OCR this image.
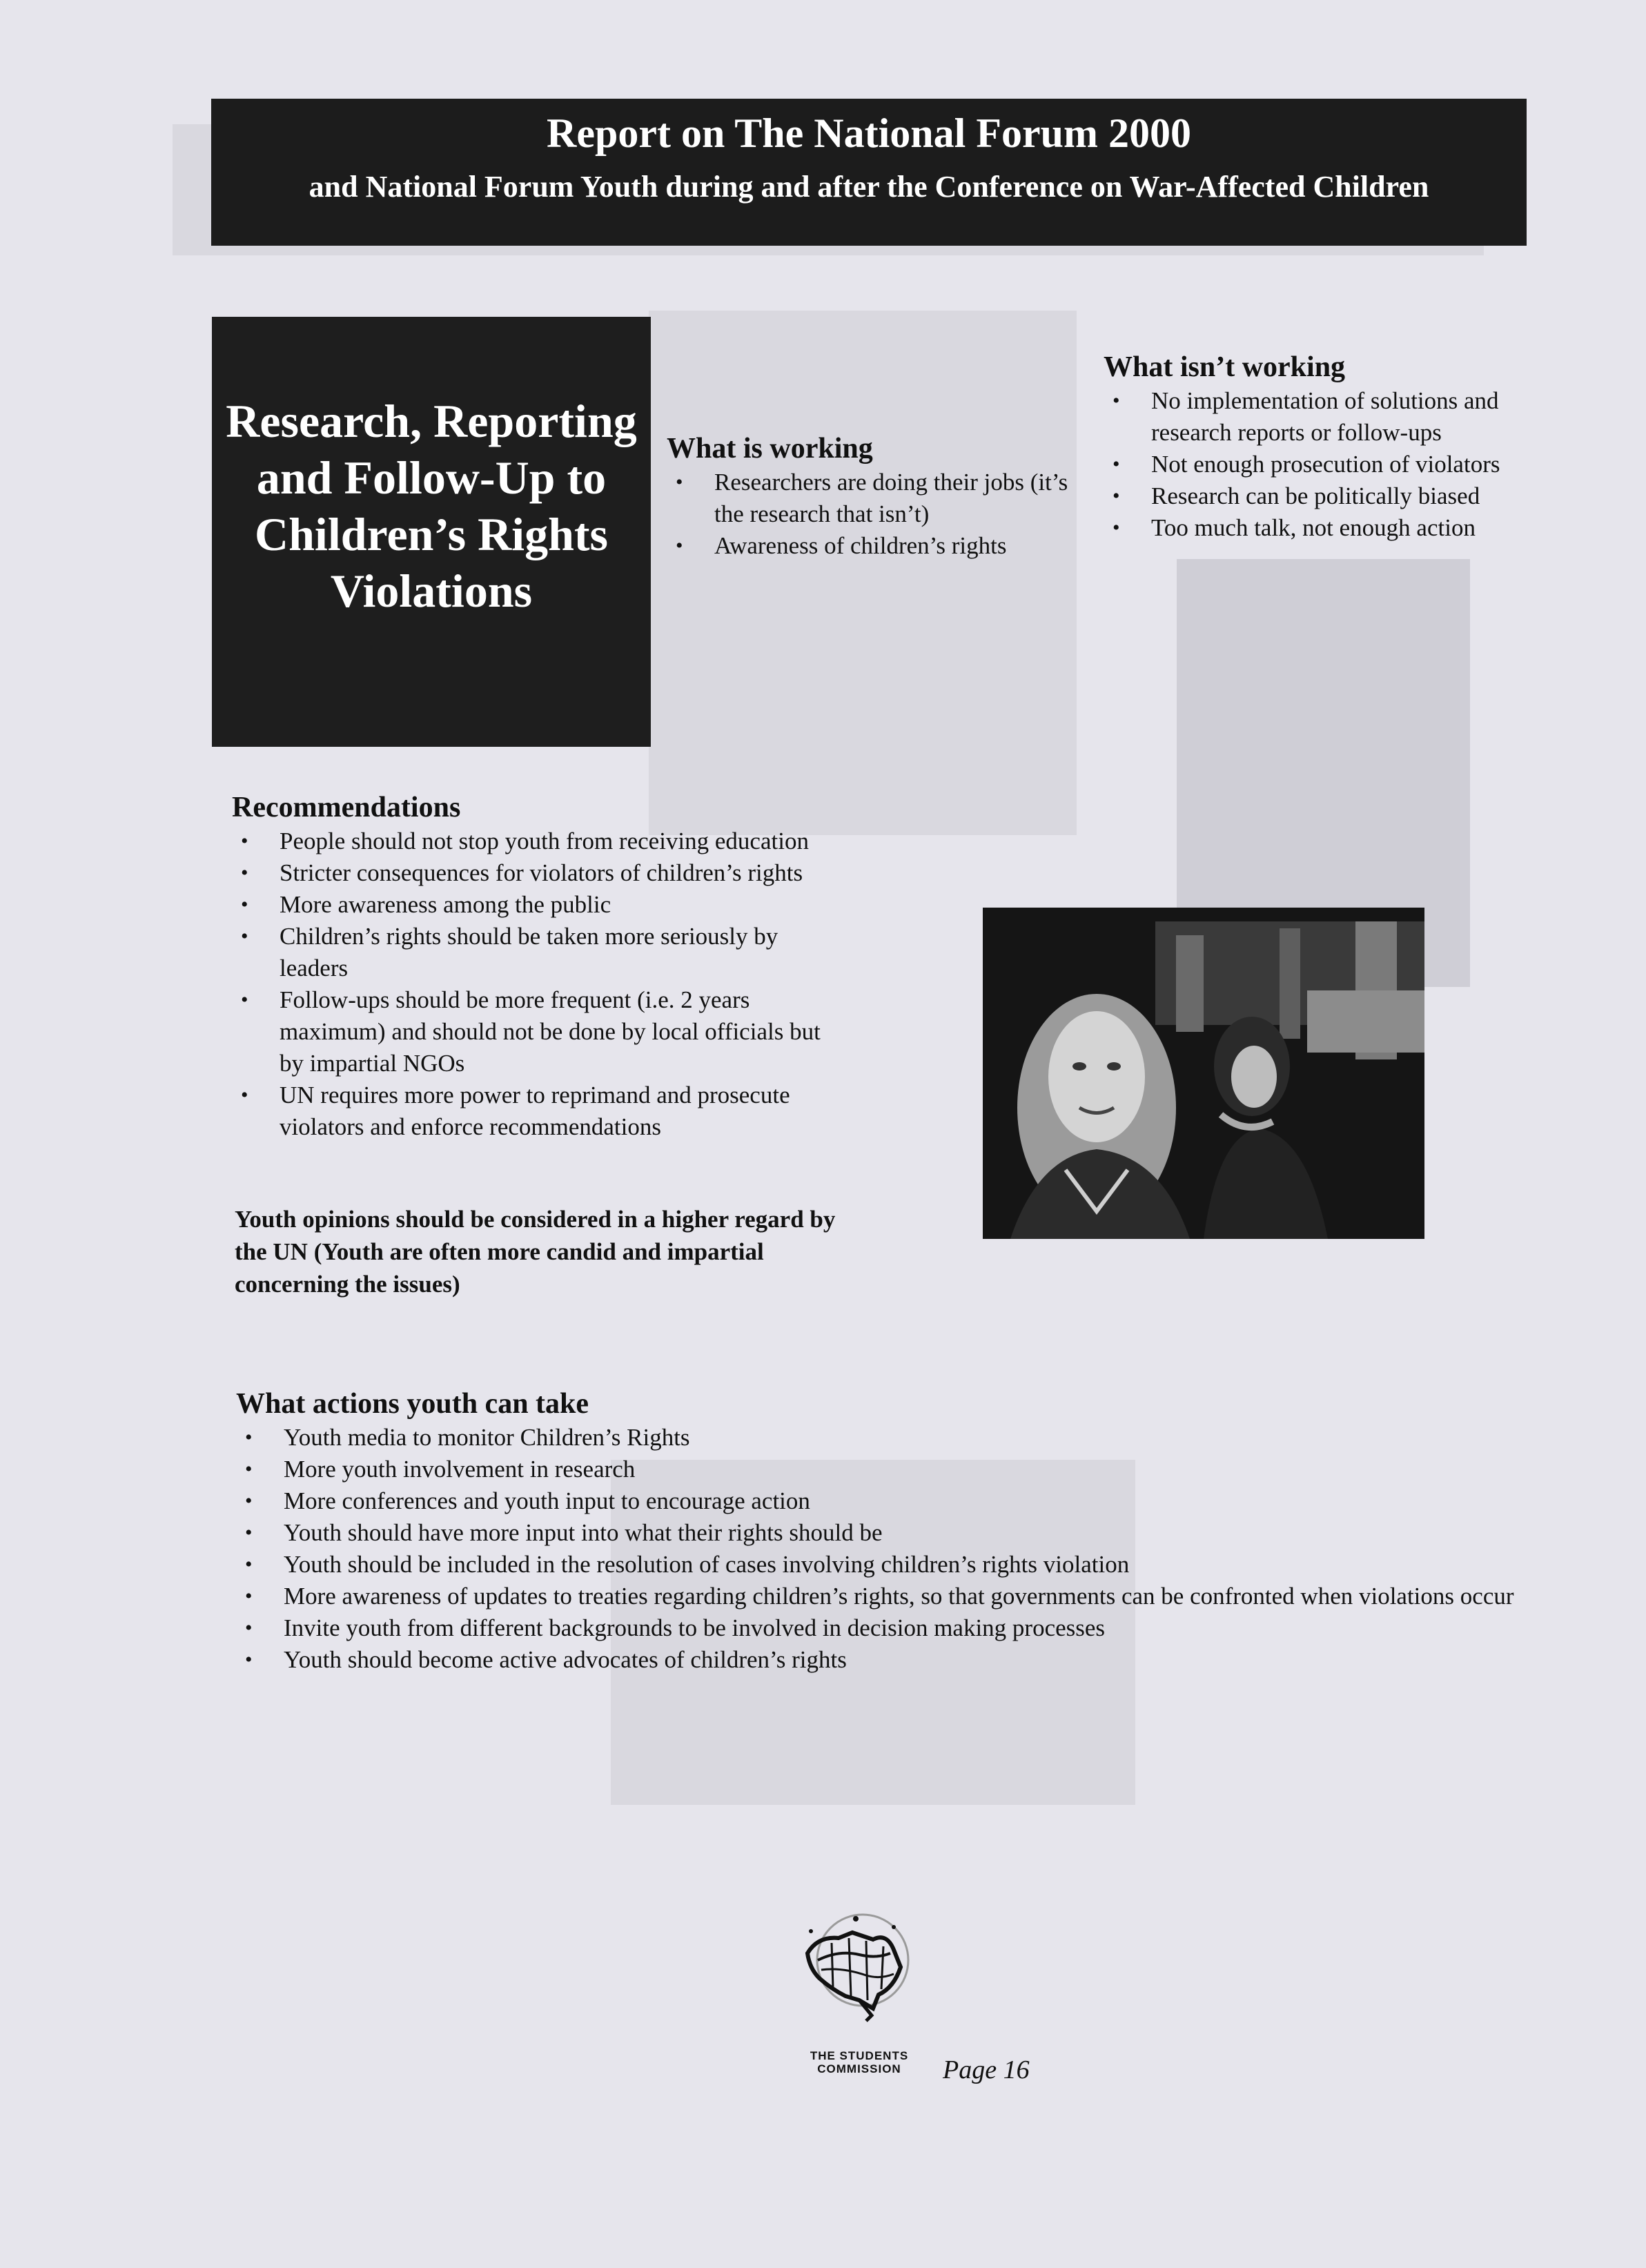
Report on The National Forum 2000
and National Forum Youth during and after the Conference on War-Affected Children
Research, Reporting and Follow-Up to Children’s Rights Violations
What is working
• Researchers are doing their jobs (it’s the research that isn’t)
• Awareness of children’s rights
What isn’t working
• No implementation of solutions and research reports or follow-ups
• Not enough prosecution of violators
• Research can be politically biased
• Too much talk, not enough action
Recommendations
• People should not stop youth from receiving education
• Stricter consequences for violators of children’s rights
• More awareness among the public
• Children’s rights should be taken more seriously by leaders
• Follow-ups should be more frequent (i.e. 2 years maximum) and should not be done by local officials but by impartial NGOs
• UN requires more power to reprimand and prosecute violators and enforce recommendations

Youth opinions should be considered in a higher regard by the UN (Youth are often more candid and impartial concerning the issues)

What actions youth can take
• Youth media to monitor Children’s Rights
• More youth involvement in research
• More conferences and youth input to encourage action
• Youth should have more input into what their rights should be
• Youth should be included in the resolution of cases involving children’s rights violation
• More awareness of updates to treaties regarding children’s rights, so that governments can be confronted when violations occur
• Invite youth from different backgrounds to be involved in decision making processes
• Youth should become active advocates of children’s rights
THE STUDENTS
COMMISSION	Page 16
